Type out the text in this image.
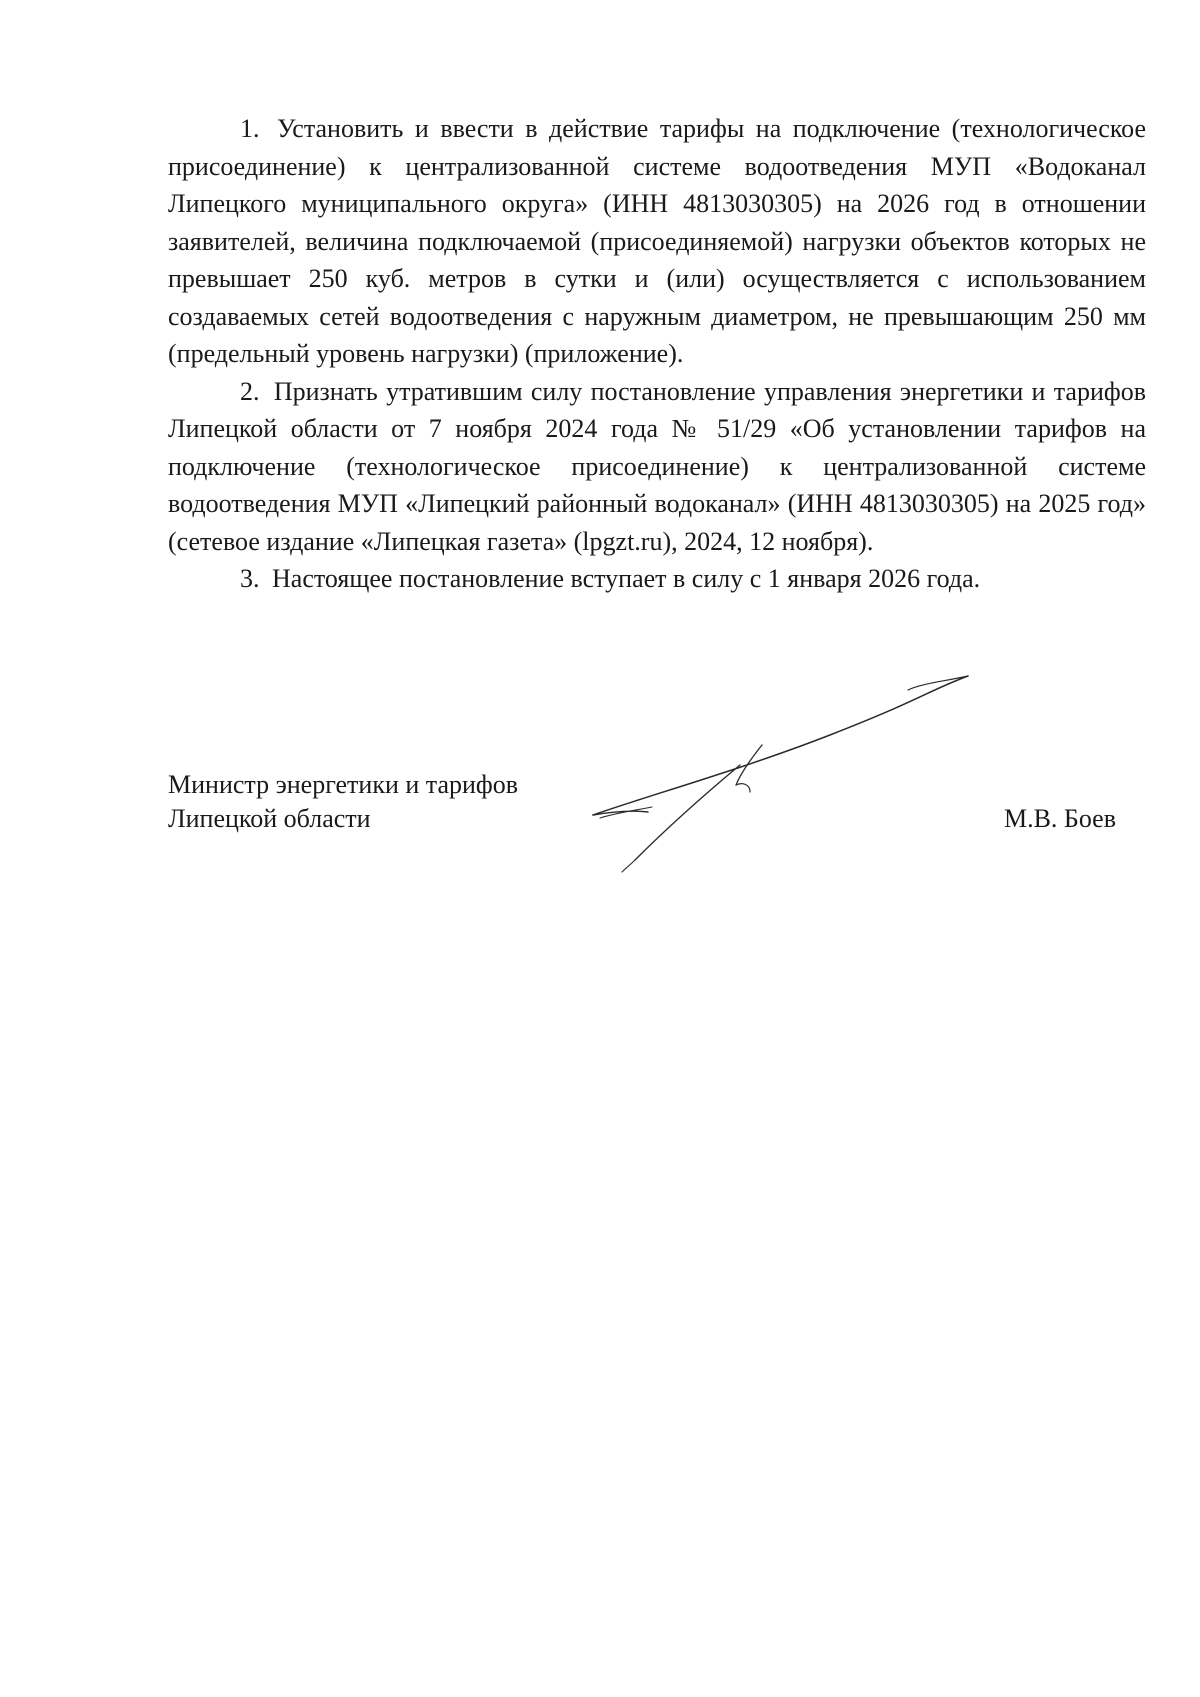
1. Установить и ввести в действие тарифы на подключение (технологическое присоединение) к централизованной системе водоотведения МУП «Водоканал Липецкого муниципального округа» (ИНН 4813030305) на 2026 год в отношении заявителей, величина подключаемой (присоединяемой) нагрузки объектов которых не превышает 250 куб. метров в сутки и (или) осуществляется с использованием создаваемых сетей водоотведения с наружным диаметром, не превышающим 250 мм (предельный уровень нагрузки) (приложение).

2. Признать утратившим силу постановление управления энергетики и тарифов Липецкой области от 7 ноября 2024 года № 51/29 «Об установлении тарифов на подключение (технологическое присоединение) к централизованной системе водоотведения МУП «Липецкий районный водоканал» (ИНН 4813030305) на 2025 год» (сетевое издание «Липецкая газета» (lpgzt.ru), 2024, 12 ноября).

3. Настоящее постановление вступает в силу с 1 января 2026 года.

Министр энергетики и тарифов
Липецкой области	М.В. Боев
